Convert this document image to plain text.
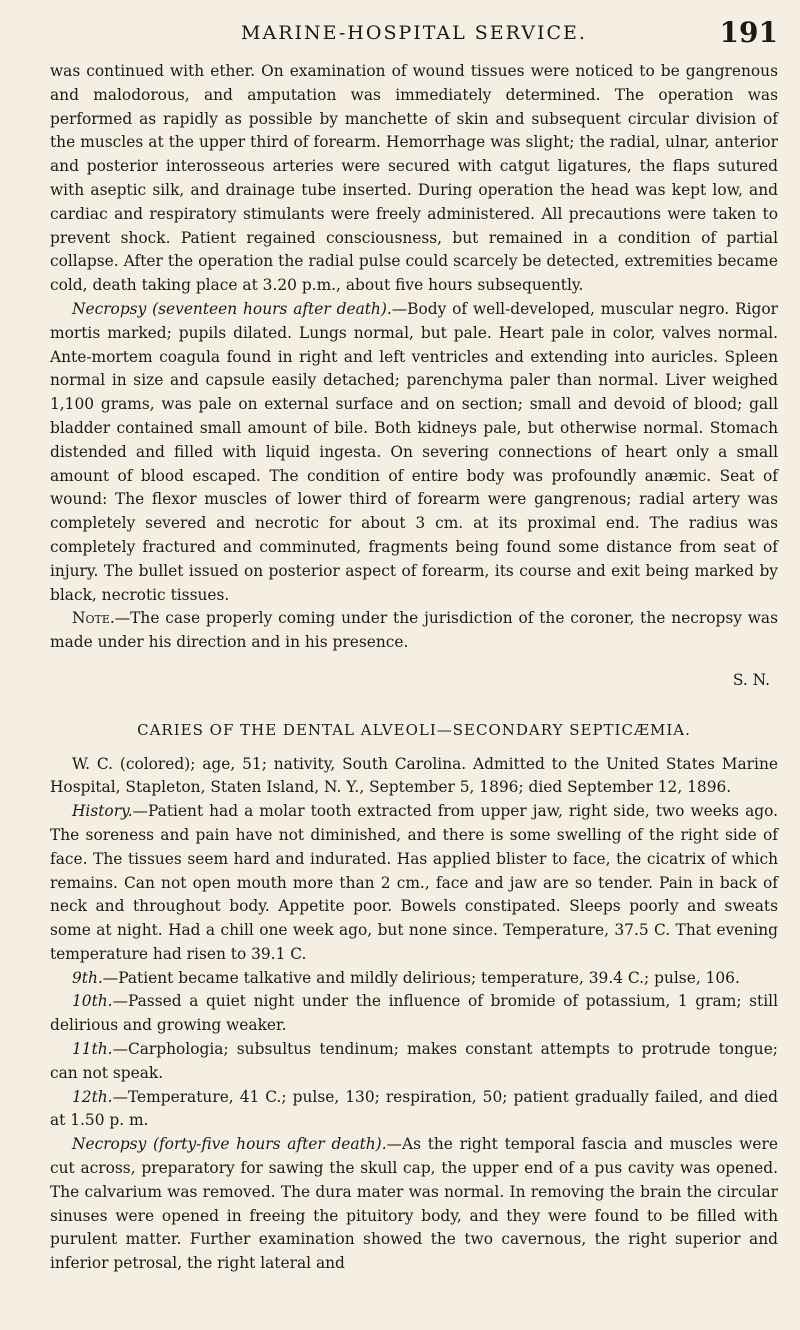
MARINE-HOSPITAL SERVICE.	191

was continued with ether. On examination of wound tissues were noticed to be gangrenous and malodorous, and amputation was immediately determined. The operation was performed as rapidly as possible by manchette of skin and subsequent circular division of the muscles at the upper third of forearm. Hemorrhage was slight; the radial, ulnar, anterior and posterior interosseous arteries were secured with catgut ligatures, the flaps sutured with aseptic silk, and drainage tube inserted. During operation the head was kept low, and cardiac and respiratory stimulants were freely administered. All precautions were taken to prevent shock. Patient regained consciousness, but remained in a condition of partial collapse. After the operation the radial pulse could scarcely be detected, extremities became cold, death taking place at 3.20 p.m., about five hours subsequently.

Necropsy (seventeen hours after death).—Body of well-developed, muscular negro. Rigor mortis marked; pupils dilated. Lungs normal, but pale. Heart pale in color, valves normal. Ante-mortem coagula found in right and left ventricles and extending into auricles. Spleen normal in size and capsule easily detached; parenchyma paler than normal. Liver weighed 1,100 grams, was pale on external surface and on section; small and devoid of blood; gall bladder contained small amount of bile. Both kidneys pale, but otherwise normal. Stomach distended and filled with liquid ingesta. On severing connections of heart only a small amount of blood escaped. The condition of entire body was profoundly anæmic. Seat of wound: The flexor muscles of lower third of forearm were gangrenous; radial artery was completely severed and necrotic for about 3 cm. at its proximal end. The radius was completely fractured and comminuted, fragments being found some distance from seat of injury. The bullet issued on posterior aspect of forearm, its course and exit being marked by black, necrotic tissues.

Note.—The case properly coming under the jurisdiction of the coroner, the necropsy was made under his direction and in his presence.

S. N.
CARIES OF THE DENTAL ALVEOLI—SECONDARY SEPTICÆMIA.

W. C. (colored); age, 51; nativity, South Carolina. Admitted to the United States Marine Hospital, Stapleton, Staten Island, N. Y., September 5, 1896; died September 12, 1896.

History.—Patient had a molar tooth extracted from upper jaw, right side, two weeks ago. The soreness and pain have not diminished, and there is some swelling of the right side of face. The tissues seem hard and indurated. Has applied blister to face, the cicatrix of which remains. Can not open mouth more than 2 cm., face and jaw are so tender. Pain in back of neck and throughout body. Appetite poor. Bowels constipated. Sleeps poorly and sweats some at night. Had a chill one week ago, but none since. Temperature, 37.5 C. That evening temperature had risen to 39.1 C.

9th.—Patient became talkative and mildly delirious; temperature, 39.4 C.; pulse, 106.

10th.—Passed a quiet night under the influence of bromide of potassium, 1 gram; still delirious and growing weaker.

11th.—Carphologia; subsultus tendinum; makes constant attempts to protrude tongue; can not speak.

12th.—Temperature, 41 C.; pulse, 130; respiration, 50; patient gradually failed, and died at 1.50 p. m.

Necropsy (forty-five hours after death).—As the right temporal fascia and muscles were cut across, preparatory for sawing the skull cap, the upper end of a pus cavity was opened. The calvarium was removed. The dura mater was normal. In removing the brain the circular sinuses were opened in freeing the pituitory body, and they were found to be filled with purulent matter. Further examination showed the two cavernous, the right superior and inferior petrosal, the right lateral and
